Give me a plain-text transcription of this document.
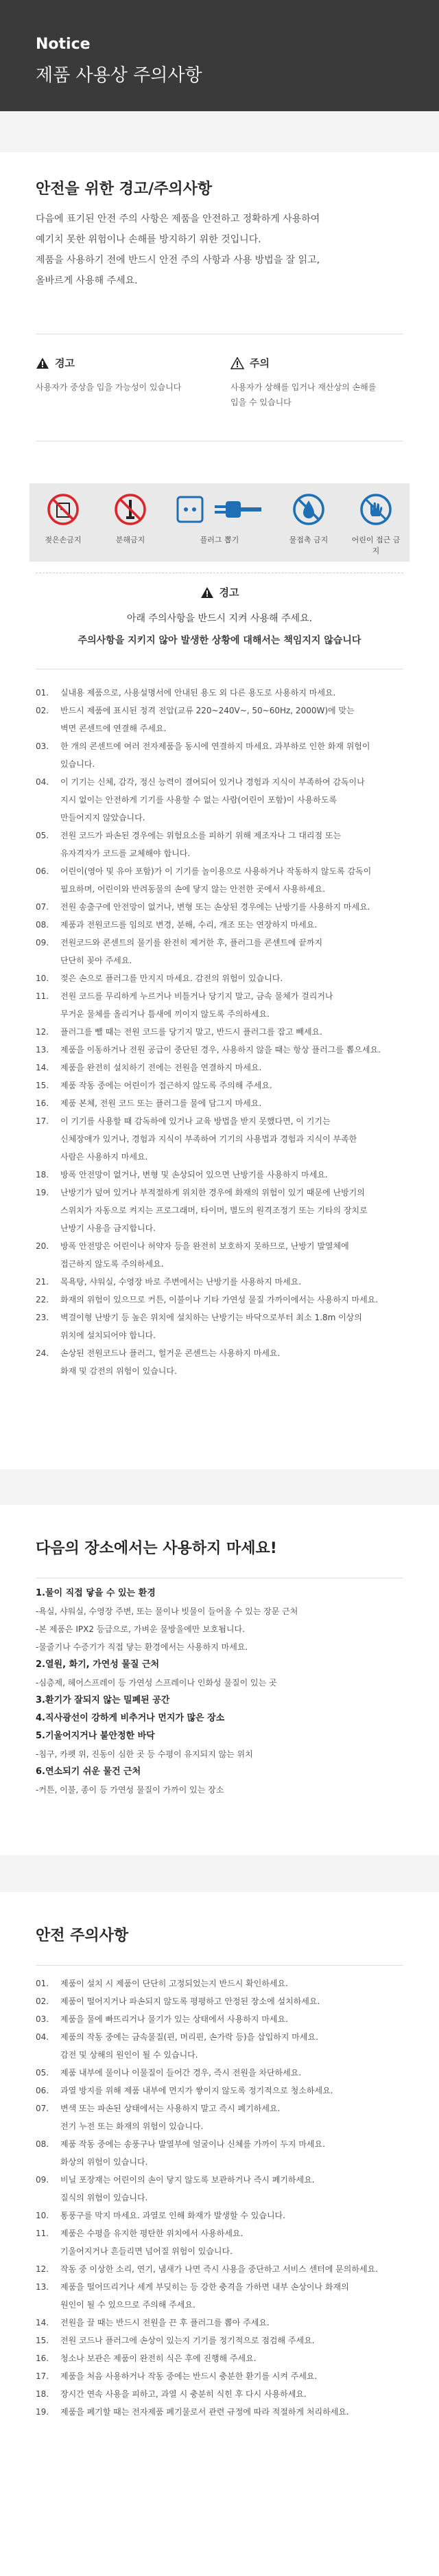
Notice
제품 사용상 주의사항
안전을 위한 경고/주의사항
다음에 표기된 안전 주의 사항은 제품을 안전하고 정확하게 사용하여
예기치 못한 위험이나 손해를 방지하기 위한 것입니다.
제품을 사용하기 전에 반드시 안전 주의 사항과 사용 방법을 잘 읽고,
올바르게 사용해 주세요.
경고
사용자가 중상을 입을 가능성이 있습니다
주의
사용자가 상해를 입거나 재산상의 손해를 입을 수 있습니다
젖은손금지	분해금지	플러그 뽑기	물접촉 금지	어린이 접근 금지
경고
아래 주의사항을 반드시 지켜 사용해 주세요.
주의사항을 지키지 않아 발생한 상황에 대해서는 책임지지 않습니다
01.	실내용 제품으로, 사용설명서에 안내된 용도 외 다른 용도로 사용하지 마세요.
02.	반드시 제품에 표시된 정격 전압(교류 220~240V~, 50~60Hz, 2000W)에 맞는
벽면 콘센트에 연결해 주세요.
03.	한 개의 콘센트에 여러 전자제품을 동시에 연결하지 마세요. 과부하로 인한 화재 위험이
있습니다.
04.	이 기기는 신체, 감각, 정신 능력이 결여되어 있거나 경험과 지식이 부족하여 감독이나
지시 없이는 안전하게 기기를 사용할 수 없는 사람(어린이 포함)이 사용하도록
만들어지지 않았습니다.
05.	전원 코드가 파손된 경우에는 위험요소를 피하기 위해 제조자나 그 대리점 또는
유자격자가 코드를 교체해야 합니다.
06.	어린이(영아 및 유아 포함)가 이 기기를 놀이용으로 사용하거나 작동하지 않도록 감독이
필요하며, 어린이와 반려동물의 손에 닿지 않는 안전한 곳에서 사용하세요.
07.	전원 송출구에 안전망이 없거나, 변형 또는 손상된 경우에는 난방기를 사용하지 마세요.
08.	제품과 전원코드를 임의로 변경, 분해, 수리, 개조 또는 연장하지 마세요.
09.	전원코드와 콘센트의 물기를 완전히 제거한 후, 플러그를 콘센트에 끝까지
단단히 꽂아 주세요.
10.	젖은 손으로 플러그를 만지지 마세요. 감전의 위험이 있습니다.
11.	전원 코드를 무리하게 누르거나 비틀거나 당기지 말고, 금속 물체가 걸리거나
무거운 물체를 올리거나 틈새에 끼이지 않도록 주의하세요.
12.	플러그를 뺄 때는 전원 코드를 당기지 말고, 반드시 플러그를 잡고 빼세요.
13.	제품을 이동하거나 전원 공급이 중단된 경우, 사용하지 않을 때는 항상 플러그를 뽑으세요.
14.	제품을 완전히 설치하기 전에는 전원을 연결하지 마세요.
15.	제품 작동 중에는 어린이가 접근하지 않도록 주의해 주세요.
16.	제품 본체, 전원 코드 또는 플러그를 물에 담그지 마세요.
17.	이 기기를 사용할 때 감독하에 있거나 교육 방법을 받지 못했다면, 이 기기는
신체장애가 있거나, 경험과 지식이 부족하여 기기의 사용법과 경험과 지식이 부족한
사람은 사용하지 마세요.
18.	방폭 안전망이 없거나, 변형 및 손상되어 있으면 난방기를 사용하지 마세요.
19.	난방기가 덮여 있거나 부적절하게 위치한 경우에 화재의 위험이 있기 때문에 난방기의
스위치가 자동으로 켜지는 프로그래머, 타이머, 별도의 원격조정기 또는 기타의 장치로
난방기 사용을 금지합니다.
20.	방폭 안전망은 어린이나 허약자 등을 완전히 보호하지 못하므로, 난방기 발열체에
접근하지 않도록 주의하세요.
21.	목욕탕, 샤워실, 수영장 바로 주변에서는 난방기를 사용하지 마세요.
22.	화재의 위험이 있으므로 커튼, 이불이나 기타 가연성 물질 가까이에서는 사용하지 마세요.
23.	벽걸이형 난방기 등 높은 위치에 설치하는 난방기는 바닥으로부터 최소 1.8m 이상의
위치에 설치되어야 합니다.
24.	손상된 전원코드나 플러그, 헐거운 콘센트는 사용하지 마세요.
화재 및 감전의 위험이 있습니다.
다음의 장소에서는 사용하지 마세요!
1.물이 직접 닿을 수 있는 환경
-욕실, 샤워실, 수영장 주변, 또는 물이나 빗물이 들어올 수 있는 장문 근처
-본 제품은 IPX2 등급으로, 가벼운 물방울에만 보호됩니다.
-물줄기나 수증기가 직접 닿는 환경에서는 사용하지 마세요.
2.열원, 화기, 가연성 물질 근처
-심층제, 헤어스프레이 등 가연성 스프레이나 인화성 물질이 있는 곳
3.환기가 잘되지 않는 밀폐된 공간
4.직사광선이 강하게 비추거나 먼지가 많은 장소
5.기울어지거나 불안정한 바닥
-침구, 카펫 위, 진동이 심한 곳 등 수평이 유지되지 않는 위치
6.연소되기 쉬운 물건 근처
-커튼, 이불, 종이 등 가연성 물질이 가까이 있는 장소
안전 주의사항
01.	제품이 설치 시 제품이 단단히 고정되었는지 반드시 확인하세요.
02.	제품이 떨어지거나 파손되지 않도록 평평하고 안정된 장소에 설치하세요.
03.	제품을 물에 빠뜨리거나 물기가 있는 상태에서 사용하지 마세요.
04.	제품의 작동 중에는 금속물질(핀, 머리핀, 손가락 등)을 삽입하지 마세요.
감전 및 상해의 원인이 될 수 있습니다.
05.	제품 내부에 물이나 이물질이 들어간 경우, 즉시 전원을 차단하세요.
06.	과열 방지를 위해 제품 내부에 먼지가 쌓이지 않도록 정기적으로 청소하세요.
07.	변색 또는 파손된 상태에서는 사용하지 말고 즉시 폐기하세요.
전기 누전 또는 화재의 위험이 있습니다.
08.	제품 작동 중에는 송풍구나 발열부에 얼굴이나 신체를 가까이 두지 마세요.
화상의 위험이 있습니다.
09.	비닐 포장재는 어린이의 손이 닿지 않도록 보관하거나 즉시 폐기하세요.
질식의 위험이 있습니다.
10.	통풍구를 막지 마세요. 과열로 인해 화재가 발생할 수 있습니다.
11.	제품은 수평을 유지한 평탄한 위치에서 사용하세요.
기울어지거나 흔들리면 넘어질 위험이 있습니다.
12.	작동 중 이상한 소리, 연기, 냄새가 나면 즉시 사용을 중단하고 서비스 센터에 문의하세요.
13.	제품을 떨어뜨리거나 세게 부딪히는 등 강한 충격을 가하면 내부 손상이나 화재의
원인이 될 수 있으므로 주의해 주세요.
14.	전원을 끌 때는 반드시 전원을 끈 후 플러그를 뽑아 주세요.
15.	전원 코드나 플러그에 손상이 있는지 기기를 정기적으로 점검해 주세요.
16.	청소나 보관은 제품이 완전히 식은 후에 진행해 주세요.
17.	제품을 처음 사용하거나 작동 중에는 반드시 충분한 환기를 시켜 주세요.
18.	장시간 연속 사용을 피하고, 과열 시 충분히 식힌 후 다시 사용하세요.
19.	제품을 폐기할 때는 전자제품 폐기물로서 관련 규정에 따라 적절하게 처리하세요.
